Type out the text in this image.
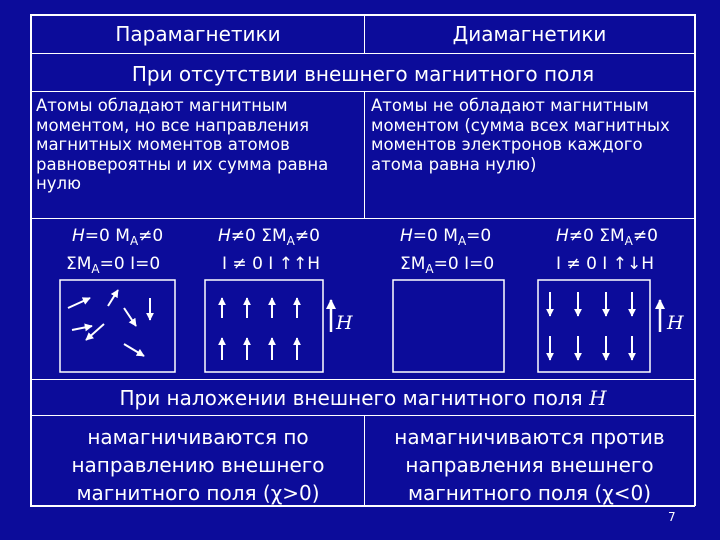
Парамагнетики	Диамагнетики
При отсутствии внешнего магнитного поля
Атомы обладают магнитным
моментом, но все направления
магнитных моментов атомов
равновероятны и их сумма равна
нулю
Атомы не обладают магнитным
моментом (сумма всех магнитных
моментов электронов каждого
атома равна нулю)
H=0 $M_A\ne 0$
$\Sigma M_A=0$ I=0
H≠0 $\Sigma M_A\ne 0$
I ≠ 0 I ↑↑H
H=0 $M_A=0$
$\Sigma M_A=0$ I=0
H≠0 $\Sigma M_A\ne 0$
I ≠ 0 I ↑↓H
H	H
При наложении внешнего магнитного поля H
намагничиваются по
направлению внешнего
магнитного поля (χ>0)
намагничиваются против
направления внешнего
магнитного поля (χ<0)
7
